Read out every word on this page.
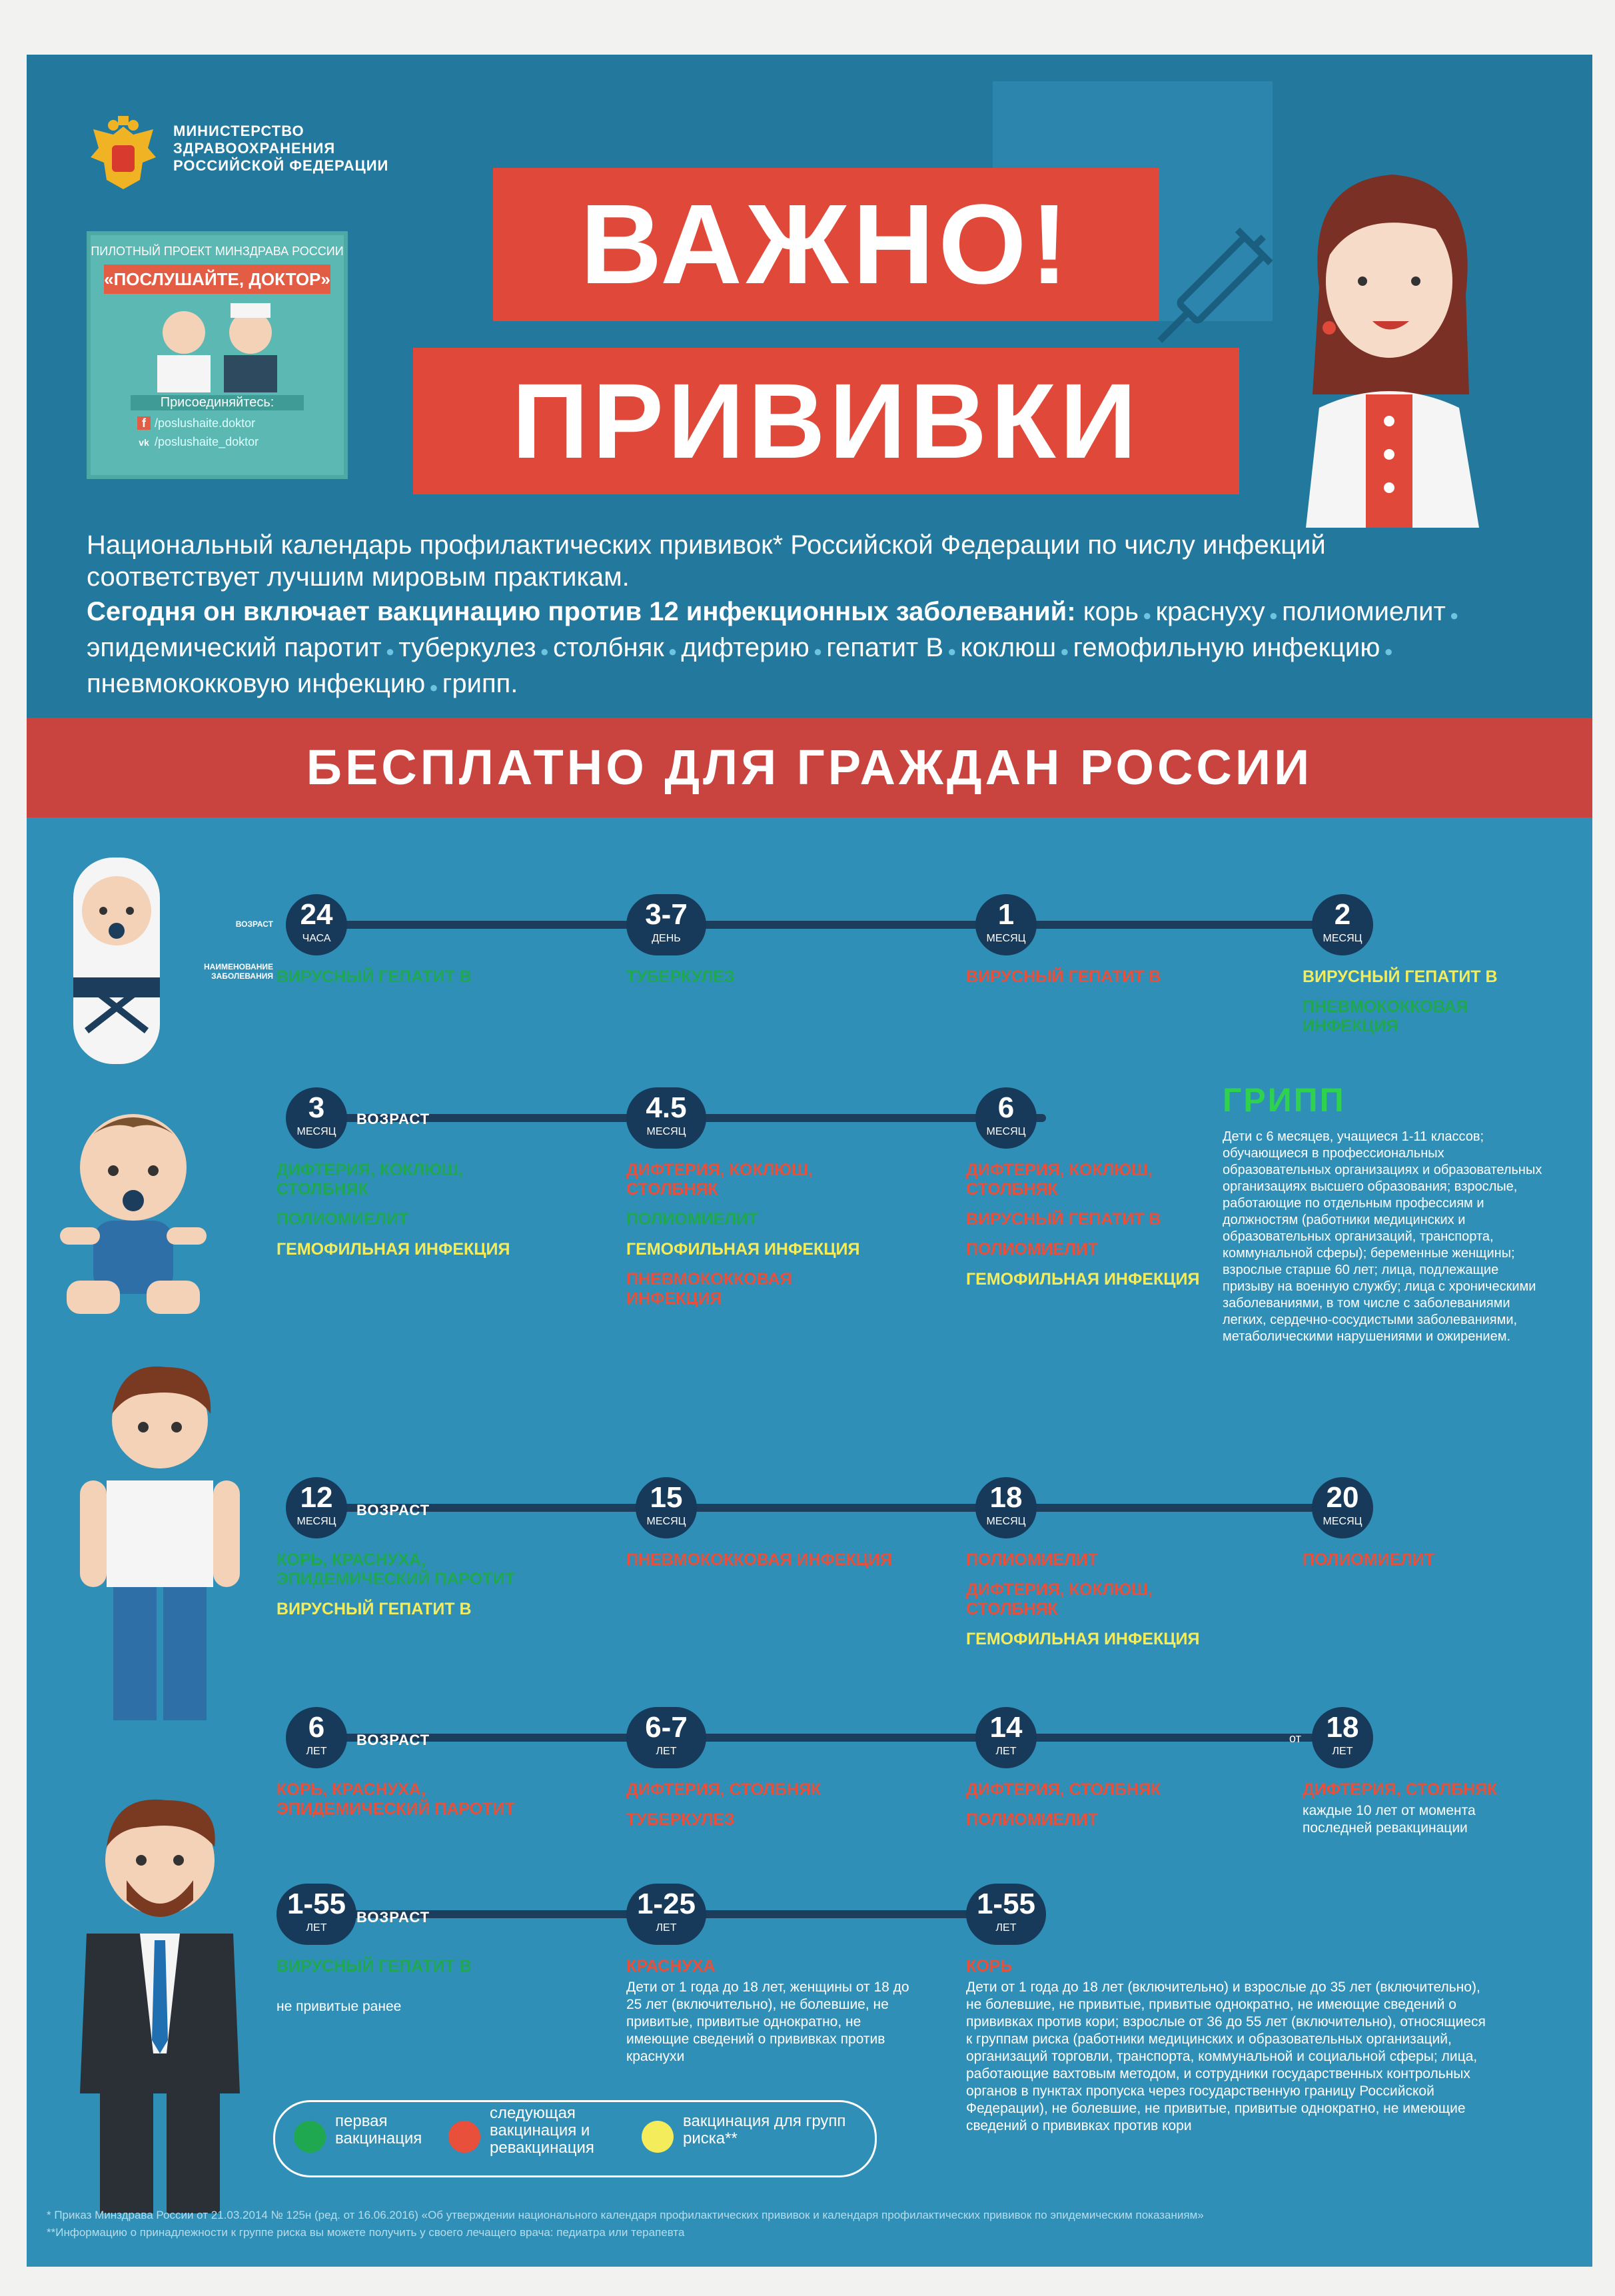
МИНИСТЕРСТВО
ЗДРАВООХРАНЕНИЯ
РОССИЙСКОЙ ФЕДЕРАЦИИ
ПИЛОТНЫЙ ПРОЕКТ МИНЗДРАВА РОССИИ
«ПОСЛУШАЙТЕ, ДОКТОР»
Присоединяйтесь:
f /poslushaite.doktor
vk /poslushaite_doktor
ВАЖНО!
ПРИВИВКИ
Национальный календарь профилактических прививок* Российской Федерации по числу инфекций соответствует лучшим мировым практикам.
Сегодня он включает вакцинацию против 12 инфекционных заболеваний: корь ● краснуху ● полиомиелит ● эпидемический паротит ● туберкулез ● столбняк ● дифтерию ● гепатит В ● коклюш ● гемофильную инфекцию ● пневмококковую инфекцию ● грипп.
БЕСПЛАТНО ДЛЯ ГРАЖДАН РОССИИ
ВОЗРАСТ
НАИМЕНОВАНИЕ ЗАБОЛЕВАНИЯ
24
ЧАСА
ВИРУСНЫЙ ГЕПАТИТ В
3-7
ДЕНЬ
ТУБЕРКУЛЕЗ
1
МЕСЯЦ
ВИРУСНЫЙ ГЕПАТИТ В
2
МЕСЯЦ
ВИРУСНЫЙ ГЕПАТИТ В
ПНЕВМОКОККОВАЯ ИНФЕКЦИЯ
ВОЗРАСТ
3
МЕСЯЦ
ДИФТЕРИЯ, КОКЛЮШ, СТОЛБНЯК
ПОЛИОМИЕЛИТ
ГЕМОФИЛЬНАЯ ИНФЕКЦИЯ
4.5
МЕСЯЦ
ДИФТЕРИЯ, КОКЛЮШ, СТОЛБНЯК
ПОЛИОМИЕЛИТ
ГЕМОФИЛЬНАЯ ИНФЕКЦИЯ
ПНЕВМОКОККОВАЯ ИНФЕКЦИЯ
6
МЕСЯЦ
ДИФТЕРИЯ, КОКЛЮШ, СТОЛБНЯК
ВИРУСНЫЙ ГЕПАТИТ В
ПОЛИОМИЕЛИТ
ГЕМОФИЛЬНАЯ ИНФЕКЦИЯ
ГРИПП
Дети с 6 месяцев, учащиеся 1-11 классов; обучающиеся в профессиональных образовательных организациях и образовательных организациях высшего образования; взрослые, работающие по отдельным профессиям и должностям (работники медицинских и образовательных организаций, транспорта, коммунальной сферы); беременные женщины; взрослые старше 60 лет; лица, подлежащие призыву на военную службу; лица с хроническими заболеваниями, в том числе с заболеваниями легких, сердечно-сосудистыми заболеваниями, метаболическими нарушениями и ожирением.
ВОЗРАСТ
12
МЕСЯЦ
КОРЬ, КРАСНУХА, ЭПИДЕМИЧЕСКИЙ ПАРОТИТ
ВИРУСНЫЙ ГЕПАТИТ В
15
МЕСЯЦ
ПНЕВМОКОККОВАЯ ИНФЕКЦИЯ
18
МЕСЯЦ
ПОЛИОМИЕЛИТ
ДИФТЕРИЯ, КОКЛЮШ, СТОЛБНЯК
ГЕМОФИЛЬНАЯ ИНФЕКЦИЯ
20
МЕСЯЦ
ПОЛИОМИЕЛИТ
ВОЗРАСТ
6
ЛЕТ
КОРЬ, КРАСНУХА, ЭПИДЕМИЧЕСКИЙ ПАРОТИТ
6-7
ЛЕТ
ДИФТЕРИЯ, СТОЛБНЯК
ТУБЕРКУЛЕЗ
14
ЛЕТ
ДИФТЕРИЯ, СТОЛБНЯК
ПОЛИОМИЕЛИТ
18
ЛЕТ
от
ДИФТЕРИЯ, СТОЛБНЯК
каждые 10 лет от момента последней ревакцинации
ВОЗРАСТ
1-55
ЛЕТ
ВИРУСНЫЙ ГЕПАТИТ В
не привитые ранее
1-25
ЛЕТ
КРАСНУХА
Дети от 1 года до 18 лет, женщины от 18 до 25 лет (включительно), не болевшие, не привитые, привитые однократно, не имеющие сведений о прививках против краснухи
1-55
ЛЕТ
КОРЬ
Дети от 1 года до 18 лет (включительно) и взрослые до 35 лет (включительно), не болевшие, не привитые, привитые однократно, не имеющие сведений о прививках против кори; взрослые от 36 до 55 лет (включительно), относящиеся к группам риска (работники медицинских и образовательных организаций, организаций торговли, транспорта, коммунальной и социальной сферы; лица, работающие вахтовым методом, и сотрудники государственных контрольных органов в пунктах пропуска через государственную границу Российской Федерации), не болевшие, не привитые, привитые однократно, не имеющие сведений о прививках против кори
первая вакцинация
следующая вакцинация и ревакцинация
вакцинация для групп риска**
* Приказ Минздрава России от 21.03.2014 № 125н (ред. от 16.06.2016) «Об утверждении национального календаря профилактических прививок и календаря профилактических прививок по эпидемическим показаниям»
**Информацию о принадлежности к группе риска вы можете получить у своего лечащего врача: педиатра или терапевта
